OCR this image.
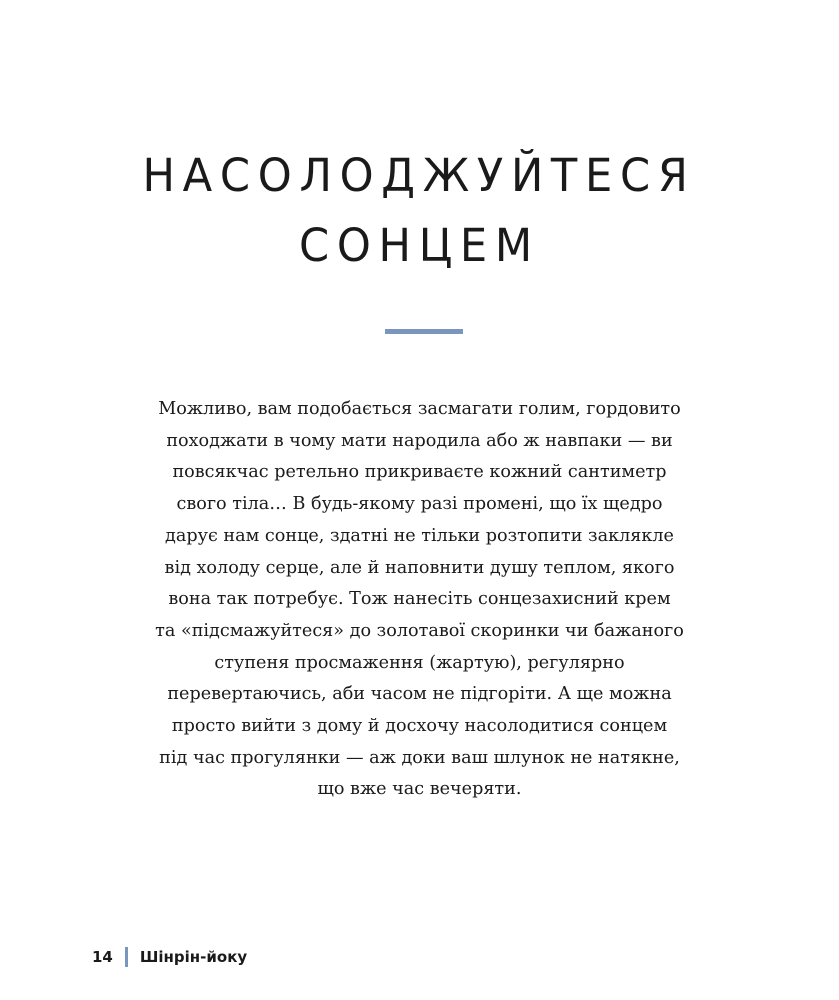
НАСОЛОДЖУЙТЕСЯ
СОНЦЕМ

Можливо, вам подобається засмагати голим, гордовито
походжати в чому мати народила або ж навпаки — ви
повсякчас ретельно прикриваєте кожний сантиметр
свого тіла… В будь-якому разі промені, що їх щедро
дарує нам сонце, здатні не тільки розтопити заклякле
від холоду серце, але й наповнити душу теплом, якого
вона так потребує. Тож нанесіть сонцезахисний крем
та «підсмажуйтеся» до золотавої скоринки чи бажаного
ступеня просмаження (жартую), регулярно
перевертаючись, аби часом не підгоріти. А ще можна
просто вийти з дому й досхочу насолодитися сонцем
під час прогулянки — аж доки ваш шлунок не натякне,
що вже час вечеряти.

14 Шінрін-йоку
